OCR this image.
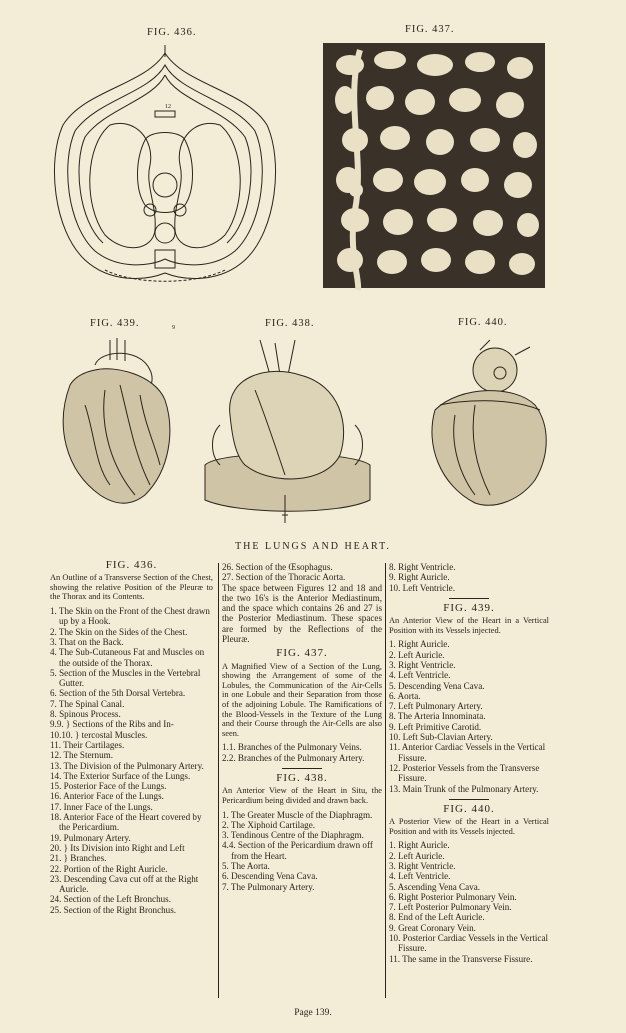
FIG. 436.	FIG. 437.
FIG. 439.	FIG. 438.	FIG. 440.
12
9
THE LUNGS AND HEART.
FIG. 436.
An Outline of a Transverse Section of the Chest, showing the relative Position of the Pleuræ to the Thorax and its Contents.
1. The Skin on the Front of the Chest drawn up by a Hook.
2. The Skin on the Sides of the Chest.
3. That on the Back.
4. The Sub-Cutaneous Fat and Muscles on the outside of the Thorax.
5. Section of the Muscles in the Vertebral Gutter.
6. Section of the 5th Dorsal Vertebra.
7. The Spinal Canal.
8. Spinous Process.
9.9. } Sections of the Ribs and In-
10.10. } tercostal Muscles.
11. Their Cartilages.
12. The Sternum.
13. The Division of the Pulmonary Artery.
14. The Exterior Surface of the Lungs.
15. Posterior Face of the Lungs.
16. Anterior Face of the Lungs.
17. Inner Face of the Lungs.
18. Anterior Face of the Heart covered by the Pericardium.
19. Pulmonary Artery.
20. } Its Division into Right and Left
21. } Branches.
22. Portion of the Right Auricle.
23. Descending Cava cut off at the Right Auricle.
24. Section of the Left Bronchus.
25. Section of the Right Bronchus.
26. Section of the Œsophagus.
27. Section of the Thoracic Aorta.

The space between Figures 12 and 18 and the two 16's is the Anterior Mediastinum, and the space which contains 26 and 27 is the Posterior Mediastinum. These spaces are formed by the Reflections of the Pleuræ.

FIG. 437.
A Magnified View of a Section of the Lung, showing the Arrangement of some of the Lobules, the Communication of the Air-Cells in one Lobule and their Separation from those of the adjoining Lobule. The Ramifications of the Blood-Vessels in the Texture of the Lung and their Course through the Air-Cells are also seen.
1.1. Branches of the Pulmonary Veins.
2.2. Branches of the Pulmonary Artery.
FIG. 438.
An Anterior View of the Heart in Situ, the Pericardium being divided and drawn back.
1. The Greater Muscle of the Diaphragm.
2. The Xiphoid Cartilage.
3. Tendinous Centre of the Diaphragm.
4.4. Section of the Pericardium drawn off from the Heart.
5. The Aorta.
6. Descending Vena Cava.
7. The Pulmonary Artery.
8. Right Ventricle.
9. Right Auricle.
10. Left Ventricle.
FIG. 439.
An Anterior View of the Heart in a Vertical Position with its Vessels injected.
1. Right Auricle.
2. Left Auricle.
3. Right Ventricle.
4. Left Ventricle.
5. Descending Vena Cava.
6. Aorta.
7. Left Pulmonary Artery.
8. The Arteria Innominata.
9. Left Primitive Carotid.
10. Left Sub-Clavian Artery.
11. Anterior Cardiac Vessels in the Vertical Fissure.
12. Posterior Vessels from the Transverse Fissure.
13. Main Trunk of the Pulmonary Artery.
FIG. 440.
A Posterior View of the Heart in a Vertical Position and with its Vessels injected.
1. Right Auricle.
2. Left Auricle.
3. Right Ventricle.
4. Left Ventricle.
5. Ascending Vena Cava.
6. Right Posterior Pulmonary Vein.
7. Left Posterior Pulmonary Vein.
8. End of the Left Auricle.
9. Great Coronary Vein.
10. Posterior Cardiac Vessels in the Vertical Fissure.
11. The same in the Transverse Fissure.
Page 139.
